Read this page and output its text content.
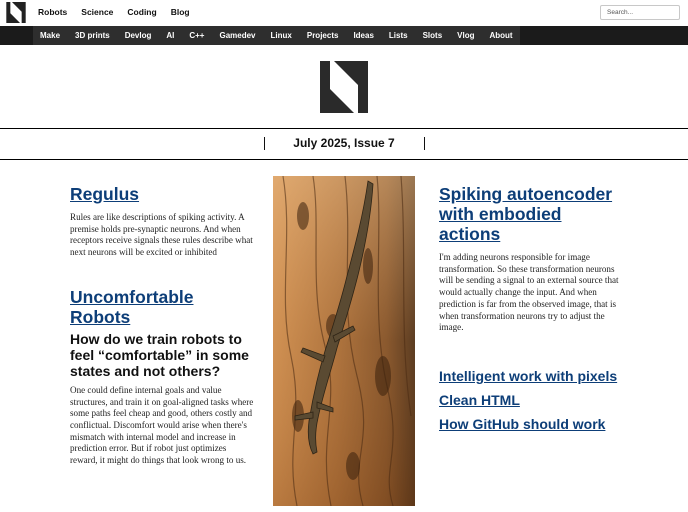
Robots Science Coding Blog
Search...
Make 3D prints Devlog AI C++ Gamedev Linux Projects Ideas Lists Slots Vlog About
July 2025, Issue 7
Regulus

Rules are like descriptions of spiking activity. A premise holds pre-synaptic neurons. And when receptors receive signals these rules describe what next neurons will be excited or inhibited

Uncomfortable Robots
How do we train robots to feel “comfortable” in some states and not others?

One could define internal goals and value structures, and train it on goal-aligned tasks where some paths feel cheap and good, others costly and conflictual. Discomfort would arise when there's mismatch with internal model and increase in prediction error. But if robot just optimizes reward, it might do things that look wrong to us.

Spiking autoencoder with embodied actions

I'm adding neurons responsible for image transformation. So these transformation neurons will be sending a signal to an external source that would actually change the input. And when prediction is far from the observed image, that is when transformation neurons try to adjust the image.

Intelligent work with pixels
Clean HTML
How GitHub should work
